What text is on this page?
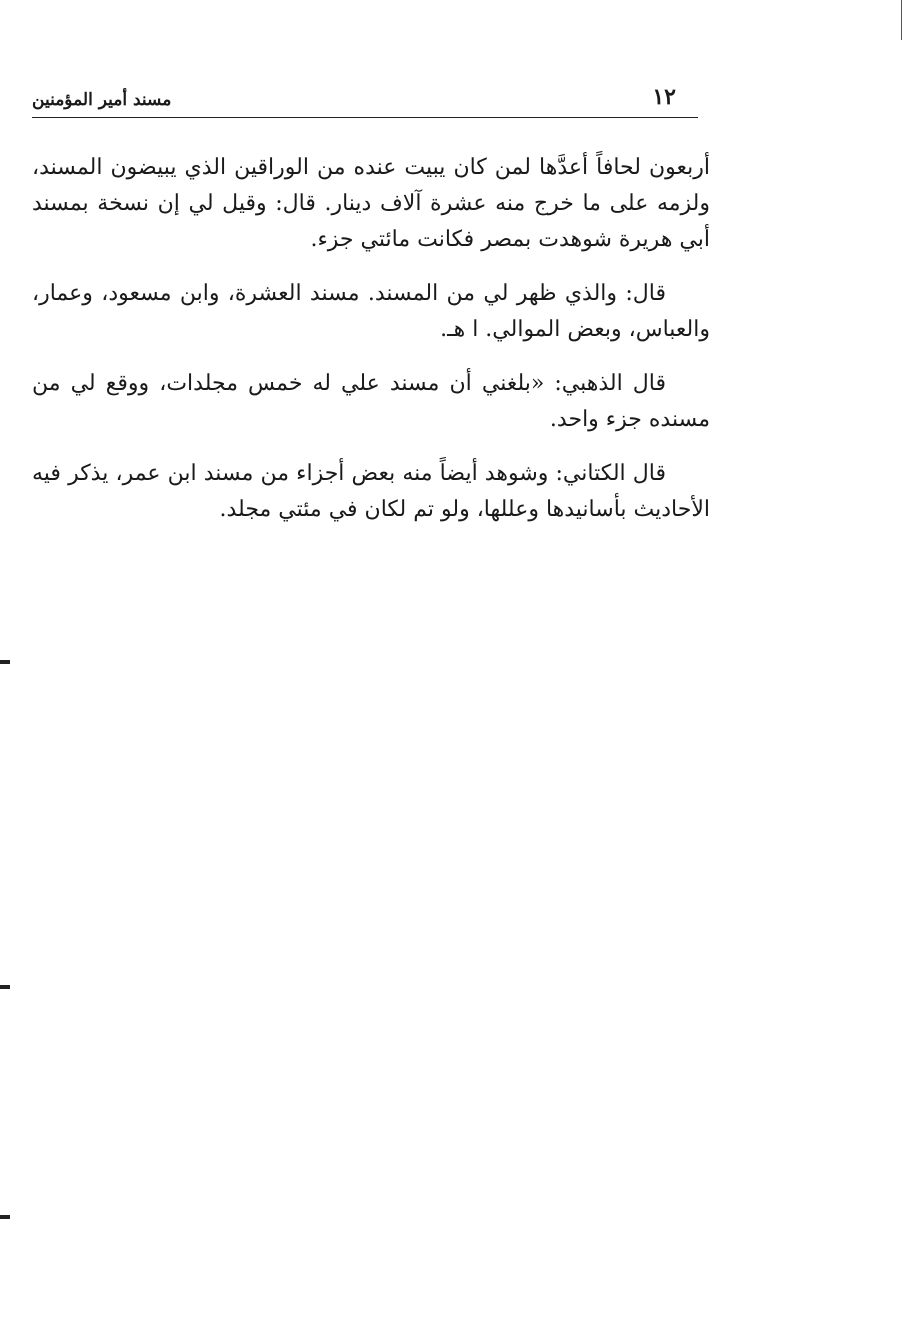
١٢
مسند أمير المؤمنين

أربعون لحافاً أعدَّها لمن كان يبيت عنده من الوراقين الذي يبيضون المسند، ولزمه على ما خرج منه عشرة آلاف دينار. قال: وقيل لي إن نسخة بمسند أبي هريرة شوهدت بمصر فكانت مائتي جزء.

قال: والذي ظهر لي من المسند. مسند العشرة، وابن مسعود، وعمار، والعباس، وبعض الموالي. ا هـ.

قال الذهبي: «بلغني أن مسند علي له خمس مجلدات، ووقع لي من مسنده جزء واحد.

قال الكتاني: وشوهد أيضاً منه بعض أجزاء من مسند ابن عمر، يذكر فيه الأحاديث بأسانيدها وعللها، ولو تم لكان في مئتي مجلد.
